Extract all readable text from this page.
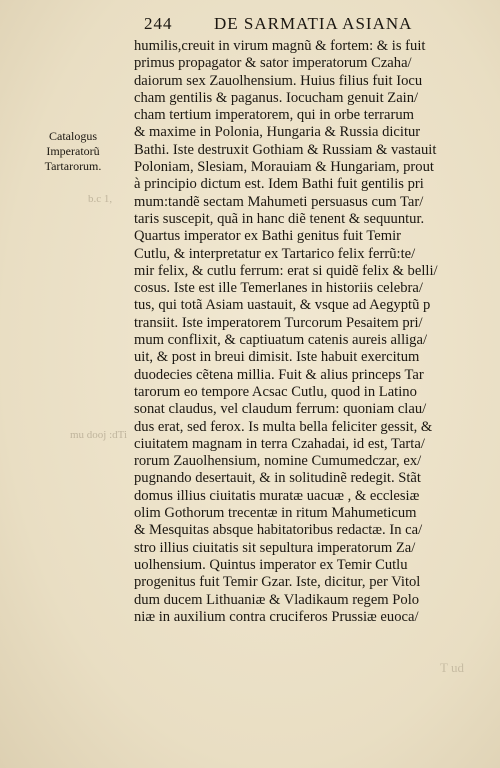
244	DE SARMATIA ASIANA
Catalogus
Imperatorũ
Tartarorum.
b.c 1,
mu dooj :dTi
humilis,creuit in virum magnũ & fortem: & is fuit
primus propagator & sator imperatorum Czaha/
daiorum sex Zauolhensium. Huius filius fuit Iocu
cham gentilis & paganus. Iocucham genuit Zain/
cham tertium imperatorem, qui in orbe terrarum
& maxime in Polonia, Hungaria & Russia dicitur
Bathi. Iste destruxit Gothiam & Russiam & vastauit
Poloniam, Slesiam, Morauiam & Hungariam, prout
à principio dictum est. Idem Bathi fuit gentilis pri
mum:tandẽ sectam Mahumeti persuasus cum Tar/
taris suscepit, quã in hanc diẽ tenent & sequuntur.
Quartus imperator ex Bathi genitus fuit Temir
Cutlu, & interpretatur ex Tartarico felix ferrũ:te/
mir felix, & cutlu ferrum: erat si quidẽ felix & belli/
cosus. Iste est ille Temerlanes in historiis celebra/
tus, qui totã Asiam uastauit, & vsque ad Aegyptũ p
transiit. Iste imperatorem Turcorum Pesaitem pri/
mum conflixit, & captiuatum catenis aureis alliga/
uit, & post in breui dimisit. Iste habuit exercitum
duodecies cẽtena millia. Fuit & alius princeps Tar
tarorum eo tempore Acsac Cutlu, quod in Latino
sonat claudus, vel claudum ferrum: quoniam clau/
dus erat, sed ferox. Is multa bella feliciter gessit, &
ciuitatem magnam in terra Czahadai, id est, Tarta/
rorum Zauolhensium, nomine Cumumedczar, ex/
pugnando desertauit, & in solitudinẽ redegit. Stãt
domus illius ciuitatis muratæ uacuæ , & ecclesiæ
olim Gothorum trecentæ in ritum Mahumeticum
& Mesquitas absque habitatoribus redactæ. In ca/
stro illius ciuitatis sit sepultura imperatorum Za/
uolhensium. Quintus imperator ex Temir Cutlu
progenitus fuit Temir Gzar. Iste, dicitur, per Vitol
dum ducem Lithuaniæ & Vladikaum regem Polo
niæ in auxilium contra cruciferos Prussiæ euoca/
T ud
